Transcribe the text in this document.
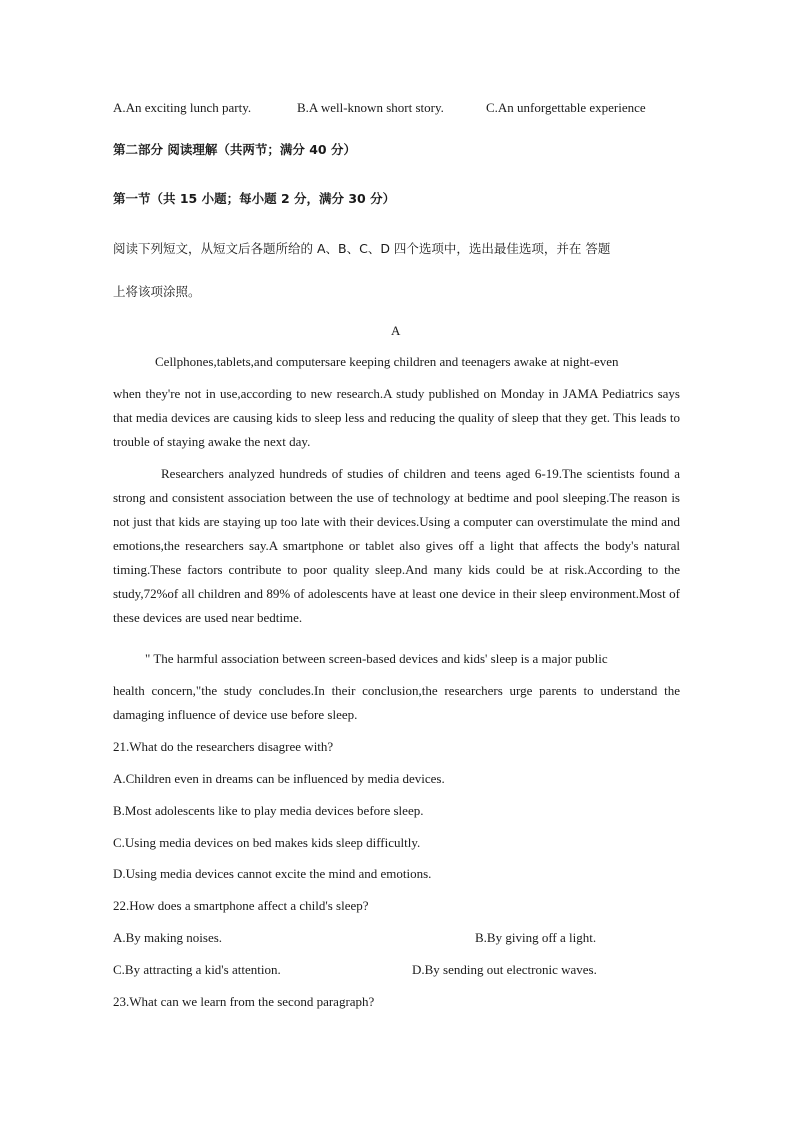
A.An exciting lunch party.	B.A well-known short story.	C.An unforgettable experience
第二部分 阅读理解（共两节；满分 40 分）
第一节（共 15 小题；每小题 2 分，满分 30 分）
阅读下列短文，从短文后各题所给的 A、B、C、D 四个选项中，选出最佳选项，并在 答题
上将该项涂照。
A
Cellphones,tablets,and computersare keeping children and teenagers awake at night-even

when they're not in use,according to new research.A study published on Monday in JAMA Pediatrics says that media devices are causing kids to sleep less and reducing the quality of sleep that they get. This leads to trouble of staying awake the next day.

Researchers analyzed hundreds of studies of children and teens aged 6-19.The scientists found a strong and consistent association between the use of technology at bedtime and pool sleeping.The reason is not just that kids are staying up too late with their devices.Using a computer can overstimulate the mind and emotions,the researchers say.A smartphone or tablet also gives off a light that affects the body's natural timing.These factors contribute to poor quality sleep.And many kids could be at risk.According to the study,72%of all children and 89% of adolescents have at least one device in their sleep environment.Most of these devices are used near bedtime.

" The harmful association between screen-based devices and kids' sleep is a major public

health concern,"the study concludes.In their conclusion,the researchers urge parents to understand the damaging influence of device use before sleep.

21.What do the researchers disagree with?
A.Children even in dreams can be influenced by media devices.
B.Most adolescents like to play media devices before sleep.
C.Using media devices on bed makes kids sleep difficultly.
D.Using media devices cannot excite the mind and emotions.
22.How does a smartphone affect a child's sleep?
A.By making noises.	B.By giving off a light.
C.By attracting a kid's attention.	D.By sending out electronic waves.
23.What can we learn from the second paragraph?
